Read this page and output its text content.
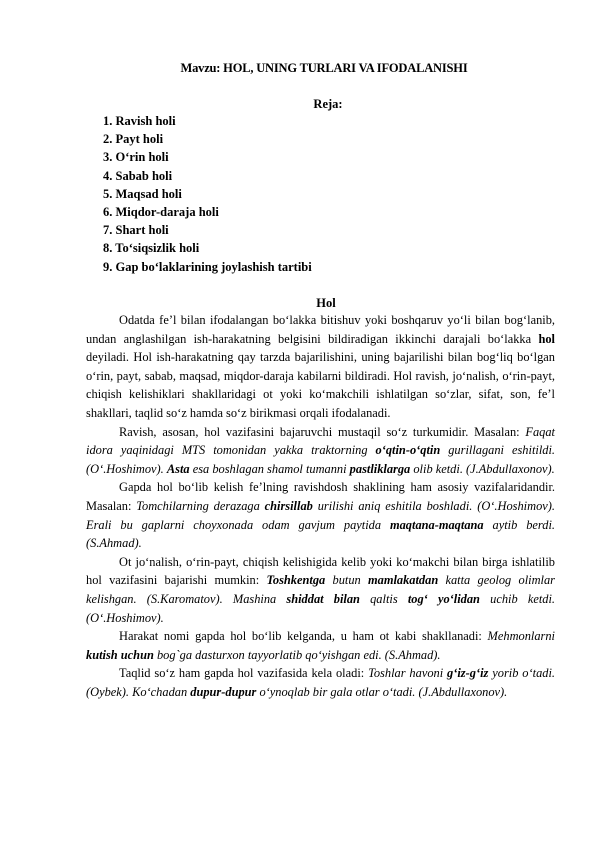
Mavzu: HOL, UNING TURLARI VA IFODALANISHI
Reja:
1. Ravish holi
2. Payt holi
3. O‘rin holi
4. Sabab holi
5. Maqsad holi
6. Miqdor-daraja holi
7. Shart holi
8. To‘siqsizlik holi
9. Gap bo‘laklarining joylashish tartibi
Hol

Odatda fe’l bilan ifodalangan bo‘lakka bitishuv yoki boshqaruv yo‘li bilan bog‘lanib, undan anglashilgan ish-harakatning belgisini bildiradigan ikkinchi darajali bo‘lakka hol deyiladi. Hol ish-harakatning qay tarzda bajarilishini, uning bajarilishi bilan bog‘liq bo‘lgan o‘rin, payt, sabab, maqsad, miqdor-daraja kabilarni bildiradi. Hol ravish, jo‘nalish, o‘rin-payt, chiqish kelishiklari shakllaridagi ot yoki ko‘makchili ishlatilgan so‘zlar, sifat, son, fe’l shakllari, taqlid so‘z hamda so‘z birikmasi orqali ifodalanadi.

Ravish, asosan, hol vazifasini bajaruvchi mustaqil so‘z turkumidir. Masalan: Faqat idora yaqinidagi MTS tomonidan yakka traktorning o‘qtin-o‘qtin gurillagani eshitildi. (O‘.Hoshimov). Asta esa boshlagan shamol tumanni pastliklarga olib ketdi. (J.Abdullaxonov).

Gapda hol bo‘lib kelish fe’lning ravishdosh shaklining ham asosiy vazifalaridandir. Masalan: Tomchilarning derazaga chirsillab urilishi aniq eshitila boshladi. (O‘.Hoshimov). Erali bu gaplarni choyxonada odam gavjum paytida maqtana-maqtana aytib berdi. (S.Ahmad).

Ot jo‘nalish, o‘rin-payt, chiqish kelishigida kelib yoki ko‘makchi bilan birga ishlatilib hol vazifasini bajarishi mumkin: Toshkentga butun mamlakatdan katta geolog olimlar kelishgan. (S.Karomatov). Mashina shiddat bilan qaltis tog‘ yo‘lidan uchib ketdi. (O‘.Hoshimov).

Harakat nomi gapda hol bo‘lib kelganda, u ham ot kabi shakllanadi: Mehmonlarni kutish uchun bog`ga dasturxon tayyorlatib qo‘yishgan edi. (S.Ahmad).

Taqlid so‘z ham gapda hol vazifasida kela oladi: Toshlar havoni g‘iz-g‘iz yorib o‘tadi. (Oybek). Ko‘chadan dupur-dupur o‘ynoqlab bir gala otlar o‘tadi. (J.Abdullaxonov).
